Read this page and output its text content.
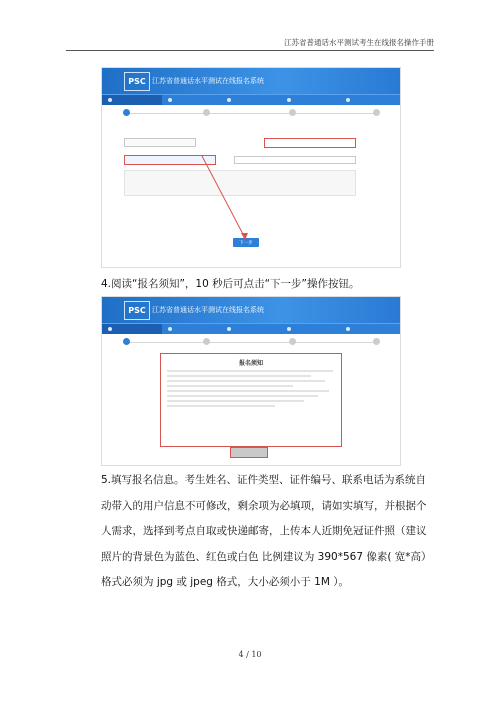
江苏省普通话水平测试考生在线报名操作手册
PSC 江苏省普通话水平测试在线报名系统
下一步
4.阅读“报名须知”，10 秒后可点击“下一步”操作按钮。
PSC 江苏省普通话水平测试在线报名系统
报名须知

5.填写报名信息。考生姓名、证件类型、证件编号、联系电话为系统自动带入的用户信息不可修改，剩余项为必填项，请如实填写，并根据个人需求，选择到考点自取或快递邮寄，上传本人近期免冠证件照（建议照片的背景色为蓝色、红色或白色 比例建议为 390*567 像素( 宽*高）格式必须为 jpg 或 jpeg 格式，大小必须小于 1M ）。

4 / 10
